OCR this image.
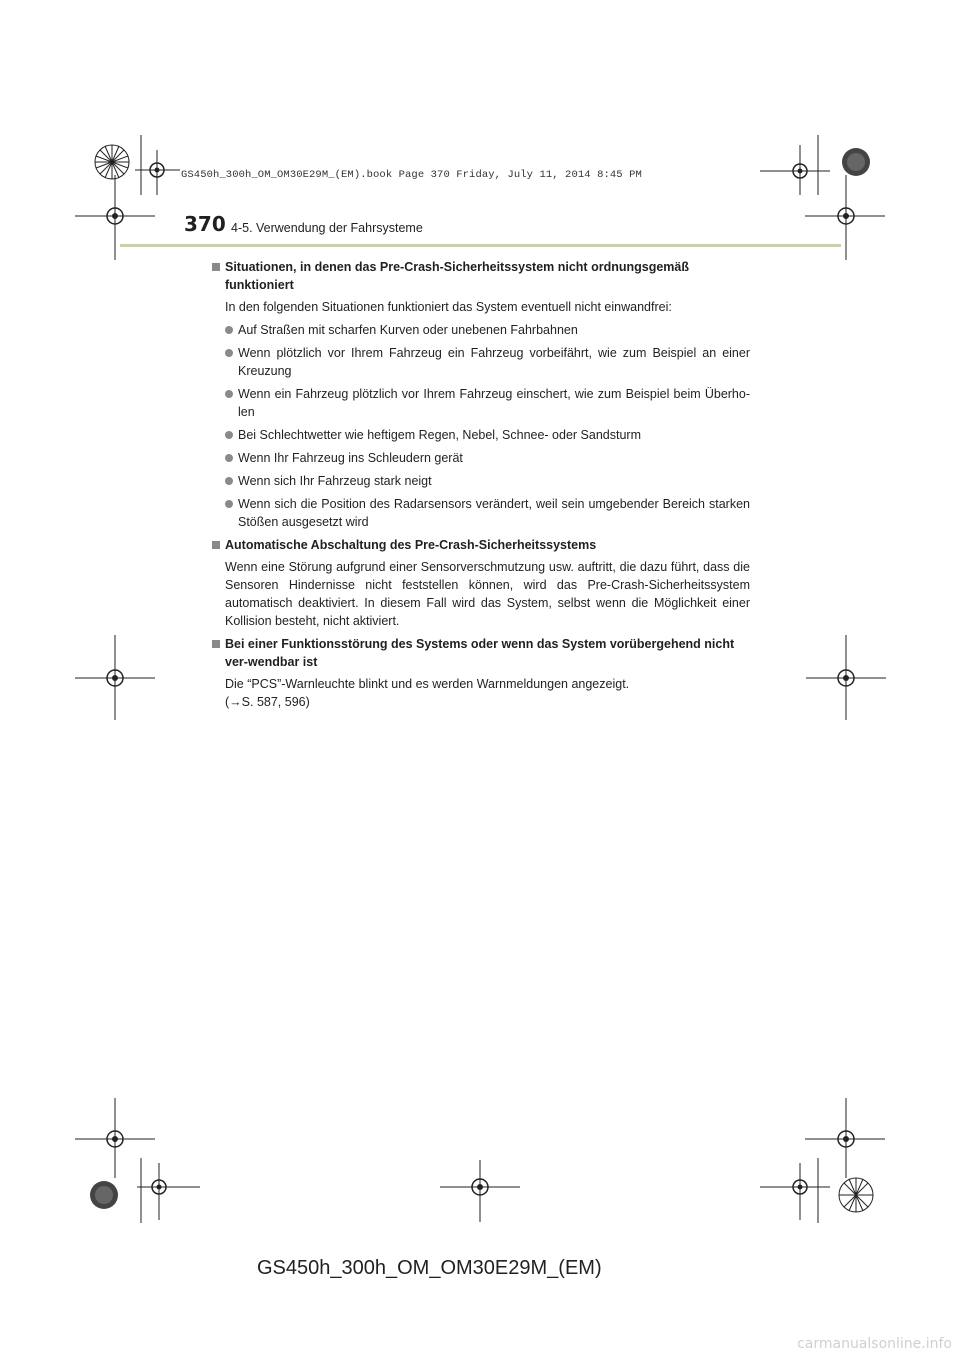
GS450h_300h_OM_OM30E29M_(EM).book Page 370 Friday, July 11, 2014 8:45 PM
370 4-5. Verwendung der Fahrsysteme
Situationen, in denen das Pre-Crash-Sicherheitssystem nicht ordnungsgemäß funktioniert
In den folgenden Situationen funktioniert das System eventuell nicht einwandfrei:
Auf Straßen mit scharfen Kurven oder unebenen Fahrbahnen
Wenn plötzlich vor Ihrem Fahrzeug ein Fahrzeug vorbeifährt, wie zum Beispiel an einer Kreuzung
Wenn ein Fahrzeug plötzlich vor Ihrem Fahrzeug einschert, wie zum Beispiel beim Überho-len
Bei Schlechtwetter wie heftigem Regen, Nebel, Schnee- oder Sandsturm
Wenn Ihr Fahrzeug ins Schleudern gerät
Wenn sich Ihr Fahrzeug stark neigt
Wenn sich die Position des Radarsensors verändert, weil sein umgebender Bereich starken Stößen ausgesetzt wird
Automatische Abschaltung des Pre-Crash-Sicherheitssystems
Wenn eine Störung aufgrund einer Sensorverschmutzung usw. auftritt, die dazu führt, dass die Sensoren Hindernisse nicht feststellen können, wird das Pre-Crash-Sicherheitssystem automatisch deaktiviert. In diesem Fall wird das System, selbst wenn die Möglichkeit einer Kollision besteht, nicht aktiviert.
Bei einer Funktionsstörung des Systems oder wenn das System vorübergehend nicht ver-wendbar ist
Die “PCS”-Warnleuchte blinkt und es werden Warnmeldungen angezeigt.
(→S. 587, 596)
GS450h_300h_OM_OM30E29M_(EM)
carmanualsonline.info
